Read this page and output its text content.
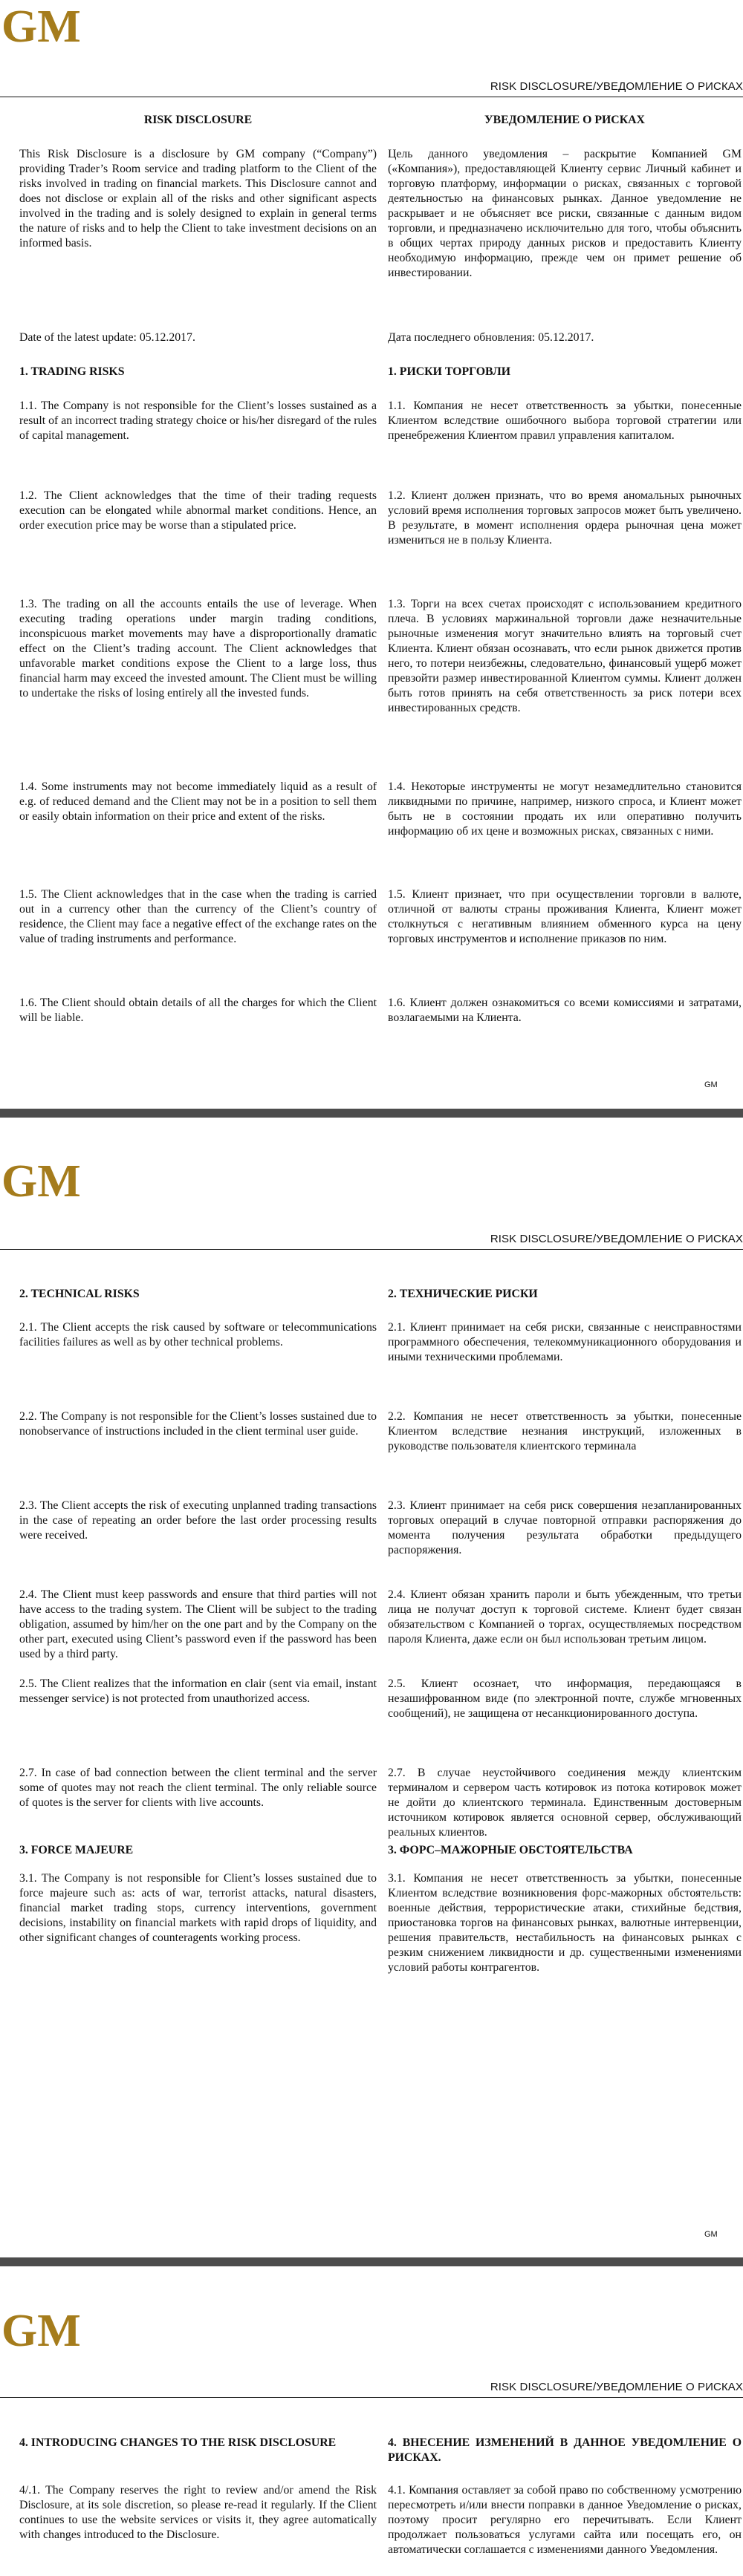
GM
RISK DISCLOSURE/УВЕДОМЛЕНИЕ О РИСКАХ
RISK DISCLOSURE	УВЕДОМЛЕНИЕ О РИСКАХ

This Risk Disclosure is a disclosure by GM company (“Company”) providing Trader’s Room service and trading platform to the Client of the risks involved in trading on financial markets. This Disclosure cannot and does not disclose or explain all of the risks and other significant aspects involved in the trading and is solely designed to explain in general terms the nature of risks and to help the Client to take investment decisions on an informed basis.

Цель данного уведомления – раскрытие Компанией GM («Компания»), предоставляющей Клиенту сервис Личный кабинет и торговую платформу, информации о рисках, связанных с торговой деятельностью на финансовых рынках. Данное уведомление не раскрывает и не объясняет все риски, связанные с данным видом торговли, и предназначено исключительно для того, чтобы объяснить в общих чертах природу данных рисков и предоставить Клиенту необходимую информацию, прежде чем он примет решение об инвестировании.

Date of the latest update: 05.12.2017.	Дата последнего обновления: 05.12.2017.

1. TRADING RISKS	1. РИСКИ ТОРГОВЛИ

1.1. The Company is not responsible for the Client’s losses sustained as a result of an incorrect trading strategy choice or his/her disregard of the rules of capital management.

1.1. Компания не несет ответственность за убытки, понесенные Клиентом вследствие ошибочного выбора торговой стратегии или пренебрежения Клиентом правил управления капиталом.

1.2. The Client acknowledges that the time of their trading requests execution can be elongated while abnormal market conditions. Hence, an order execution price may be worse than a stipulated price.

1.2. Клиент должен признать, что во время аномальных рыночных условий время исполнения торговых запросов может быть увеличено. В результате, в момент исполнения ордера рыночная цена может измениться не в пользу Клиента.

1.3. The trading on all the accounts entails the use of leverage. When executing trading operations under margin trading conditions, inconspicuous market movements may have a disproportionally dramatic effect on the Client’s trading account. The Client acknowledges that unfavorable market conditions expose the Client to a large loss, thus financial harm may exceed the invested amount. The Client must be willing to undertake the risks of losing entirely all the invested funds.

1.3. Торги на всех счетах происходят с использованием кредитного плеча. В условиях маржинальной торговли даже незначительные рыночные изменения могут значительно влиять на торговый счет Клиента. Клиент обязан осознавать, что если рынок движется против него, то потери неизбежны, следовательно, финансовый ущерб может превзойти размер инвестированной Клиентом суммы. Клиент должен быть готов принять на себя ответственность за риск потери всех инвестированных средств.

1.4. Some instruments may not become immediately liquid as a result of e.g. of reduced demand and the Client may not be in a position to sell them or easily obtain information on their price and extent of the risks.

1.4. Некоторые инструменты не могут незамедлительно становится ликвидными по причине, например, низкого спроса, и Клиент может быть не в состоянии продать их или оперативно получить информацию об их цене и возможных рисках, связанных с ними.

1.5. The Client acknowledges that in the case when the trading is carried out in a currency other than the currency of the Client’s country of residence, the Client may face a negative effect of the exchange rates on the value of trading instruments and performance.

1.5. Клиент признает, что при осуществлении торговли в валюте, отличной от валюты страны проживания Клиента, Клиент может столкнуться с негативным влиянием обменного курса на цену торговых инструментов и исполнение приказов по ним.

1.6. The Client should obtain details of all the charges for which the Client will be liable.

1.6. Клиент должен ознакомиться со всеми комиссиями и затратами, возлагаемыми на Клиента.

GM
GM
RISK DISCLOSURE/УВЕДОМЛЕНИЕ О РИСКАХ
2. TECHNICAL RISKS	2. ТЕХНИЧЕСКИЕ РИСКИ

2.1. The Client accepts the risk caused by software or telecommunications facilities failures as well as by other technical problems.

2.1. Клиент принимает на себя риски, связанные с неисправностями программного обеспечения, телекоммуникационного оборудования и иными техническими проблемами.

2.2. The Company is not responsible for the Client’s losses sustained due to nonobservance of instructions included in the client terminal user guide.

2.2. Компания не несет ответственность за убытки, понесенные Клиентом вследствие незнания инструкций, изложенных в руководстве пользователя клиентского терминала

2.3. The Client accepts the risk of executing unplanned trading transactions in the case of repeating an order before the last order processing results were received.

2.3. Клиент принимает на себя риск совершения незапланированных торговых операций в случае повторной отправки распоряжения до момента получения результата обработки предыдущего распоряжения.

2.4. The Client must keep passwords and ensure that third parties will not have access to the trading system. The Client will be subject to the trading obligation, assumed by him/her on the one part and by the Company on the other part, executed using Client’s password even if the password has been used by a third party.

2.4. Клиент обязан хранить пароли и быть убежденным, что третьи лица не получат доступ к торговой системе. Клиент будет связан обязательством с Компанией о торгах, осуществляемых посредством пароля Клиента, даже если он был использован третьим лицом.

2.5. The Client realizes that the information en clair (sent via email, instant messenger service) is not protected from unauthorized access.

2.5. Клиент осознает, что информация, передающаяся в незашифрованном виде (по электронной почте, службе мгновенных сообщений), не защищена от несанкционированного доступа.

2.7. In case of bad connection between the client terminal and the server some of quotes may not reach the client terminal. The only reliable source of quotes is the server for clients with live accounts.

2.7. В случае неустойчивого соединения между клиентским терминалом и сервером часть котировок из потока котировок может не дойти до клиентского терминала. Единственным достоверным источником котировок является основной сервер, обслуживающий реальных клиентов.

3. FORCE MAJEURE	3. ФОРС–МАЖОРНЫЕ ОБСТОЯТЕЛЬСТВА

3.1. The Company is not responsible for Client’s losses sustained due to force majeure such as: acts of war, terrorist attacks, natural disasters, financial market trading stops, currency interventions, government decisions, instability on financial markets with rapid drops of liquidity, and other significant changes of counteragents working process.

3.1. Компания не несет ответственность за убытки, понесенные Клиентом вследствие возникновения форс-мажорных обстоятельств: военные действия, террористические атаки, стихийные бедствия, приостановка торгов на финансовых рынках, валютные интервенции, решения правительств, нестабильность на финансовых рынках с резким снижением ликвидности и др. существенными изменениями условий работы контрагентов.

GM
GM
RISK DISCLOSURE/УВЕДОМЛЕНИЕ О РИСКАХ
4. INTRODUCING CHANGES TO THE RISK DISCLOSURE	4. ВНЕСЕНИЕ ИЗМЕНЕНИЙ В ДАННОЕ УВЕДОМЛЕНИЕ О РИСКАХ.

4/.1. The Company reserves the right to review and/or amend the Risk Disclosure, at its sole discretion, so please re-read it regularly. If the Client continues to use the website services or visits it, they agree automatically with changes introduced to the Disclosure.

4.1. Компания оставляет за собой право по собственному усмотрению пересмотреть и/или внести поправки в данное Уведомление о рисках, поэтому просит регулярно его перечитывать. Если Клиент продолжает пользоваться услугами сайта или посещать его, он автоматически соглашается с изменениями данного Уведомления.
